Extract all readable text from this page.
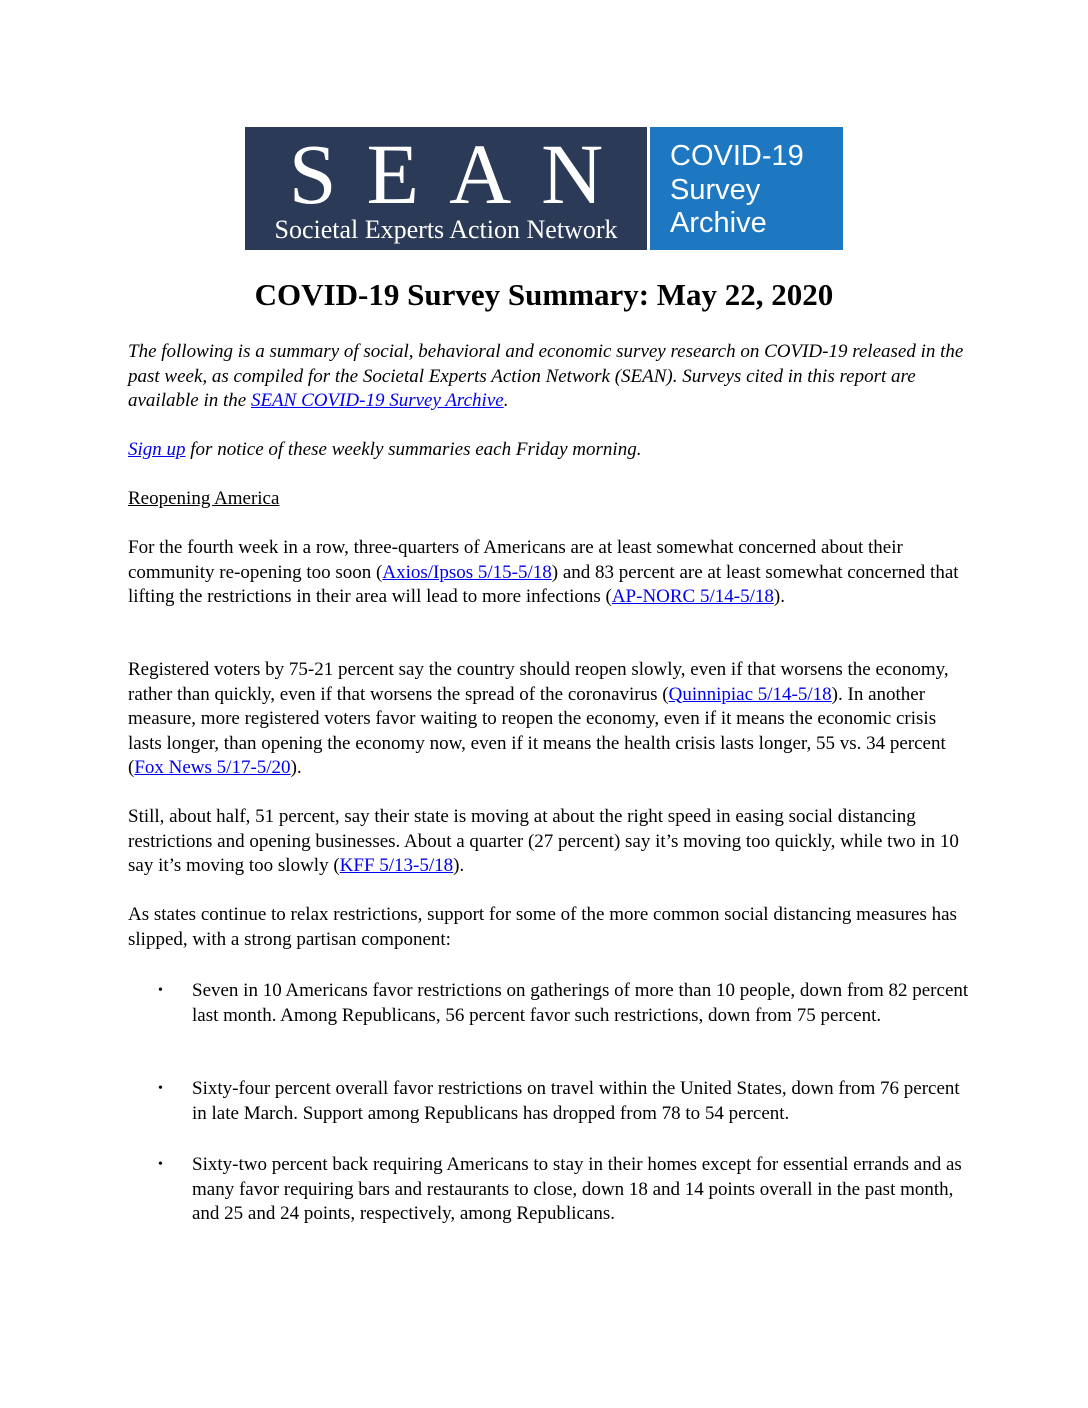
SEAN
Societal Experts Action Network
COVID-19
Survey
Archive
COVID-19 Survey Summary: May 22, 2020

The following is a summary of social, behavioral and economic survey research on COVID-19 released in the past week, as compiled for the Societal Experts Action Network (SEAN). Surveys cited in this report are available in the SEAN COVID-19 Survey Archive.

Sign up for notice of these weekly summaries each Friday morning.

Reopening America

For the fourth week in a row, three-quarters of Americans are at least somewhat concerned about their community re-opening too soon (Axios/Ipsos 5/15-5/18) and 83 percent are at least somewhat concerned that lifting the restrictions in their area will lead to more infections (AP-NORC 5/14-5/18).

Registered voters by 75-21 percent say the country should reopen slowly, even if that worsens the economy, rather than quickly, even if that worsens the spread of the coronavirus (Quinnipiac 5/14-5/18). In another measure, more registered voters favor waiting to reopen the economy, even if it means the economic crisis lasts longer, than opening the economy now, even if it means the health crisis lasts longer, 55 vs. 34 percent (Fox News 5/17-5/20).

Still, about half, 51 percent, say their state is moving at about the right speed in easing social distancing restrictions and opening businesses. About a quarter (27 percent) say it’s moving too quickly, while two in 10 say it’s moving too slowly (KFF 5/13-5/18).

As states continue to relax restrictions, support for some of the more common social distancing measures has slipped, with a strong partisan component:

• Seven in 10 Americans favor restrictions on gatherings of more than 10 people, down from 82 percent last month. Among Republicans, 56 percent favor such restrictions, down from 75 percent.

• Sixty-four percent overall favor restrictions on travel within the United States, down from 76 percent in late March. Support among Republicans has dropped from 78 to 54 percent.

• Sixty-two percent back requiring Americans to stay in their homes except for essential errands and as many favor requiring bars and restaurants to close, down 18 and 14 points overall in the past month, and 25 and 24 points, respectively, among Republicans.
